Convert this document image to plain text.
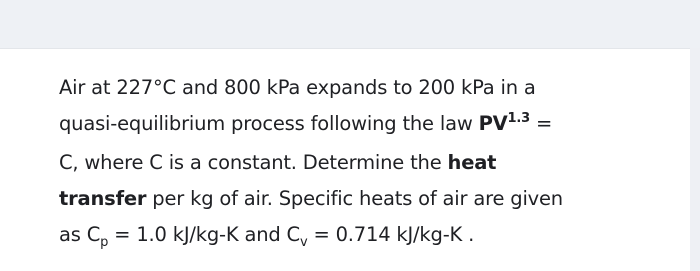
Air at 227°C and 800 kPa expands to 200 kPa in a
quasi-equilibrium process following the law $PV^{1.3}$ =
C, where C is a constant. Determine the heat
transfer per kg of air. Specific heats of air are given
as $C_p = 1.0$ kJ/kg-K and $C_v = 0.714$ kJ/kg-K .
